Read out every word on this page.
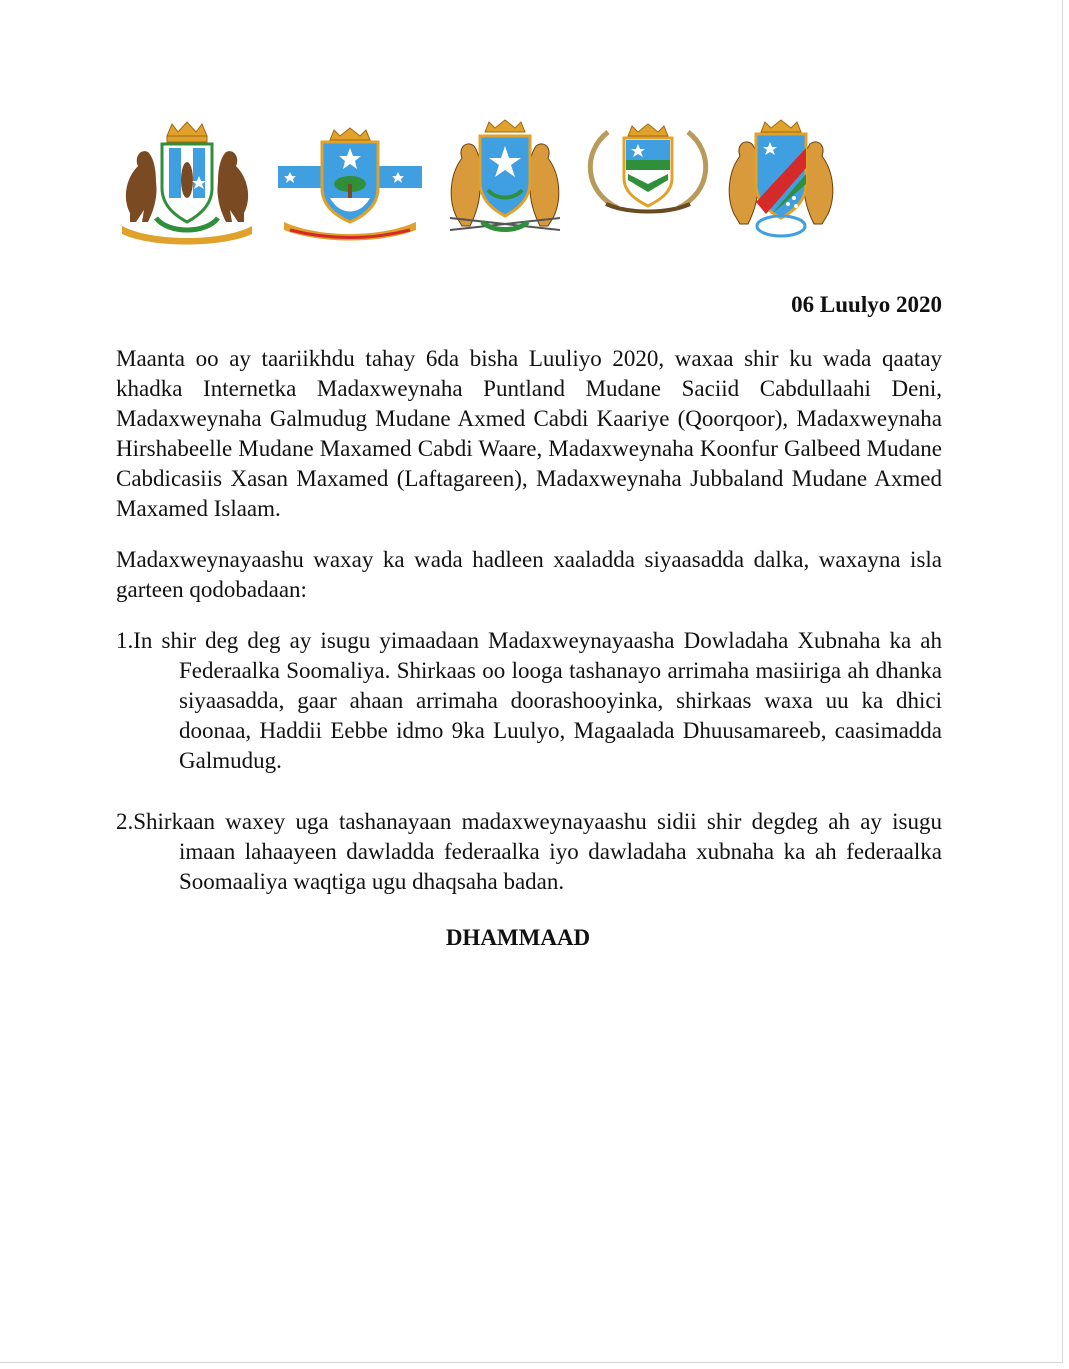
06 Luulyo 2020

Maanta oo ay taariikhdu tahay 6da bisha Luuliyo 2020, waxaa shir ku wada qaatay khadka Internetka Madaxweynaha Puntland Mudane Saciid Cabdullaahi Deni, Madaxweynaha Galmudug Mudane Axmed Cabdi Kaariye (Qoorqoor), Madaxweynaha Hirshabeelle Mudane Maxamed Cabdi Waare, Madaxweynaha Koonfur Galbeed Mudane Cabdicasiis Xasan Maxamed (Laftagareen), Madaxweynaha Jubbaland Mudane Axmed Maxamed Islaam.

Madaxweynayaashu waxay ka wada hadleen xaaladda siyaasadda dalka, waxayna isla garteen qodobadaan:

1.In shir deg deg ay isugu yimaadaan Madaxweynayaasha Dowladaha Xubnaha ka ah Federaalka Soomaliya. Shirkaas oo looga tashanayo arrimaha masiiriga ah dhanka siyaasadda, gaar ahaan arrimaha doorashooyinka, shirkaas waxa uu ka dhici doonaa, Haddii Eebbe idmo 9ka Luulyo, Magaalada Dhuusamareeb, caasimadda Galmudug.

2.Shirkaan waxey uga tashanayaan madaxweynayaashu sidii shir degdeg ah ay isugu imaan lahaayeen dawladda federaalka iyo dawladaha xubnaha ka ah federaalka Soomaaliya waqtiga ugu dhaqsaha badan.

DHAMMAAD
